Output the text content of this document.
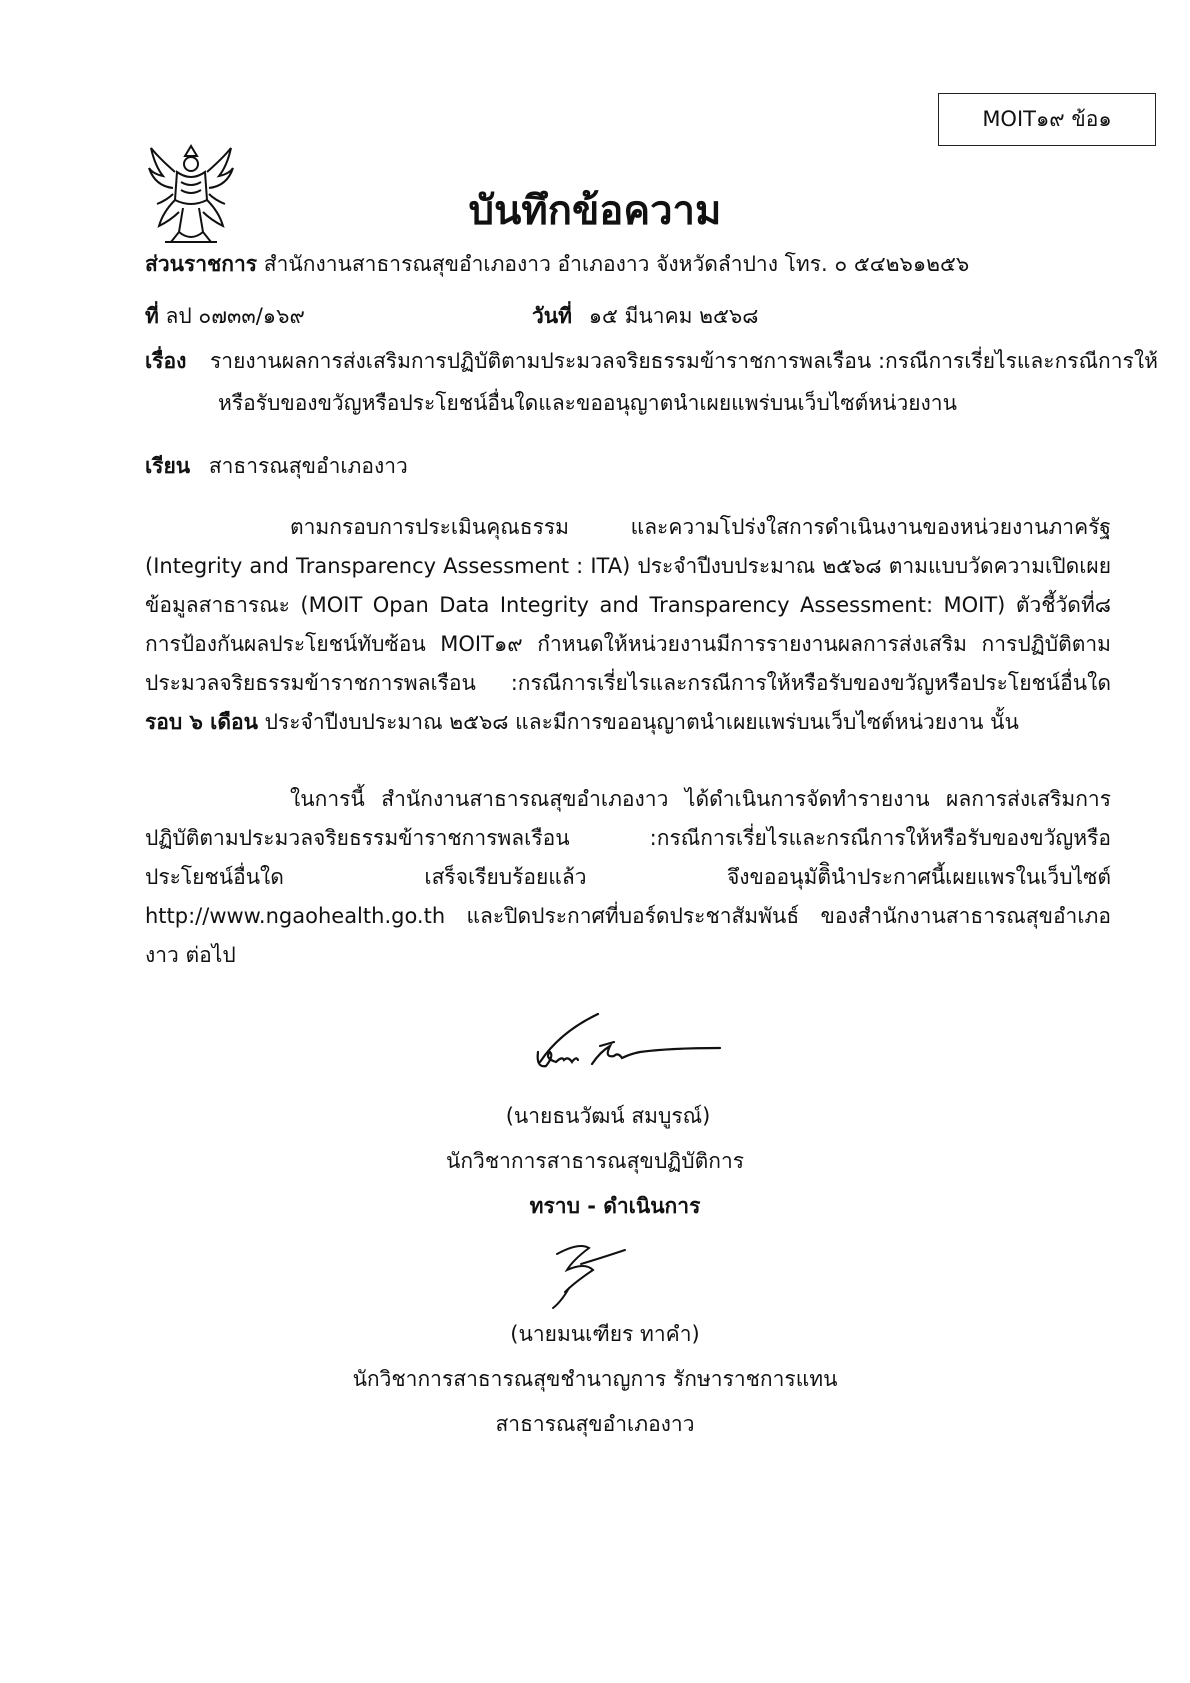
MOIT๑๙ ข้อ๑
บันทึกข้อความ
ส่วนราชการ สำนักงานสาธารณสุขอำเภองาว อำเภองาว จังหวัดลำปาง โทร. ๐ ๕๔๒๖๑๒๕๖
ที่ ลป ๐๗๓๓/๑๖๙	วันที่ ๑๕ มีนาคม ๒๕๖๘
เรื่อง รายงานผลการส่งเสริมการปฏิบัติตามประมวลจริยธรรมข้าราชการพลเรือน :กรณีการเรี่ยไรและกรณีการให้
หรือรับของขวัญหรือประโยชน์อื่นใดและขออนุญาตนำเผยแพร่บนเว็บไซต์หน่วยงาน
เรียน สาธารณสุขอำเภองาว

ตามกรอบการประเมินคุณธรรม และความโปร่งใสการดำเนินงานของหน่วยงานภาครัฐ (Integrity and Transparency Assessment : ITA) ประจำปีงบประมาณ ๒๕๖๘ ตามแบบวัดความเปิดเผยข้อมูลสาธารณะ (MOIT Opan Data Integrity and Transparency Assessment: MOIT) ตัวชี้วัดที่๘ การป้องกันผลประโยชน์ทับซ้อน MOIT๑๙ กำหนดให้หน่วยงานมีการรายงานผลการส่งเสริม การปฏิบัติตามประมวลจริยธรรมข้าราชการพลเรือน :กรณีการเรี่ยไรและกรณีการให้หรือรับของขวัญหรือประโยชน์อื่นใด รอบ ๖ เดือน ประจำปีงบประมาณ ๒๕๖๘ และมีการขออนุญาตนำเผยแพร่บนเว็บไซต์หน่วยงาน นั้น

ในการนี้ สำนักงานสาธารณสุขอำเภองาว ได้ดำเนินการจัดทำรายงาน ผลการส่งเสริมการปฏิบัติตามประมวลจริยธรรมข้าราชการพลเรือน :กรณีการเรี่ยไรและกรณีการให้หรือรับของขวัญหรือประโยชน์อื่นใด เสร็จเรียบร้อยแล้ว จึงขออนุมัติินำประกาศนี้เผยแพรในเว็บไซต์ http://www.ngaohealth.go.th และปิดประกาศที่บอร์ดประชาสัมพันธ์ ของสำนักงานสาธารณสุขอำเภองาว ต่อไป

(นายธนวัฒน์ สมบูรณ์)
นักวิชาการสาธารณสุขปฏิบัติการ
ทราบ - ดำเนินการ
(นายมนเฑียร ทาคำ)
นักวิชาการสาธารณสุขชำนาญการ รักษาราชการแทน
สาธารณสุขอำเภองาว
